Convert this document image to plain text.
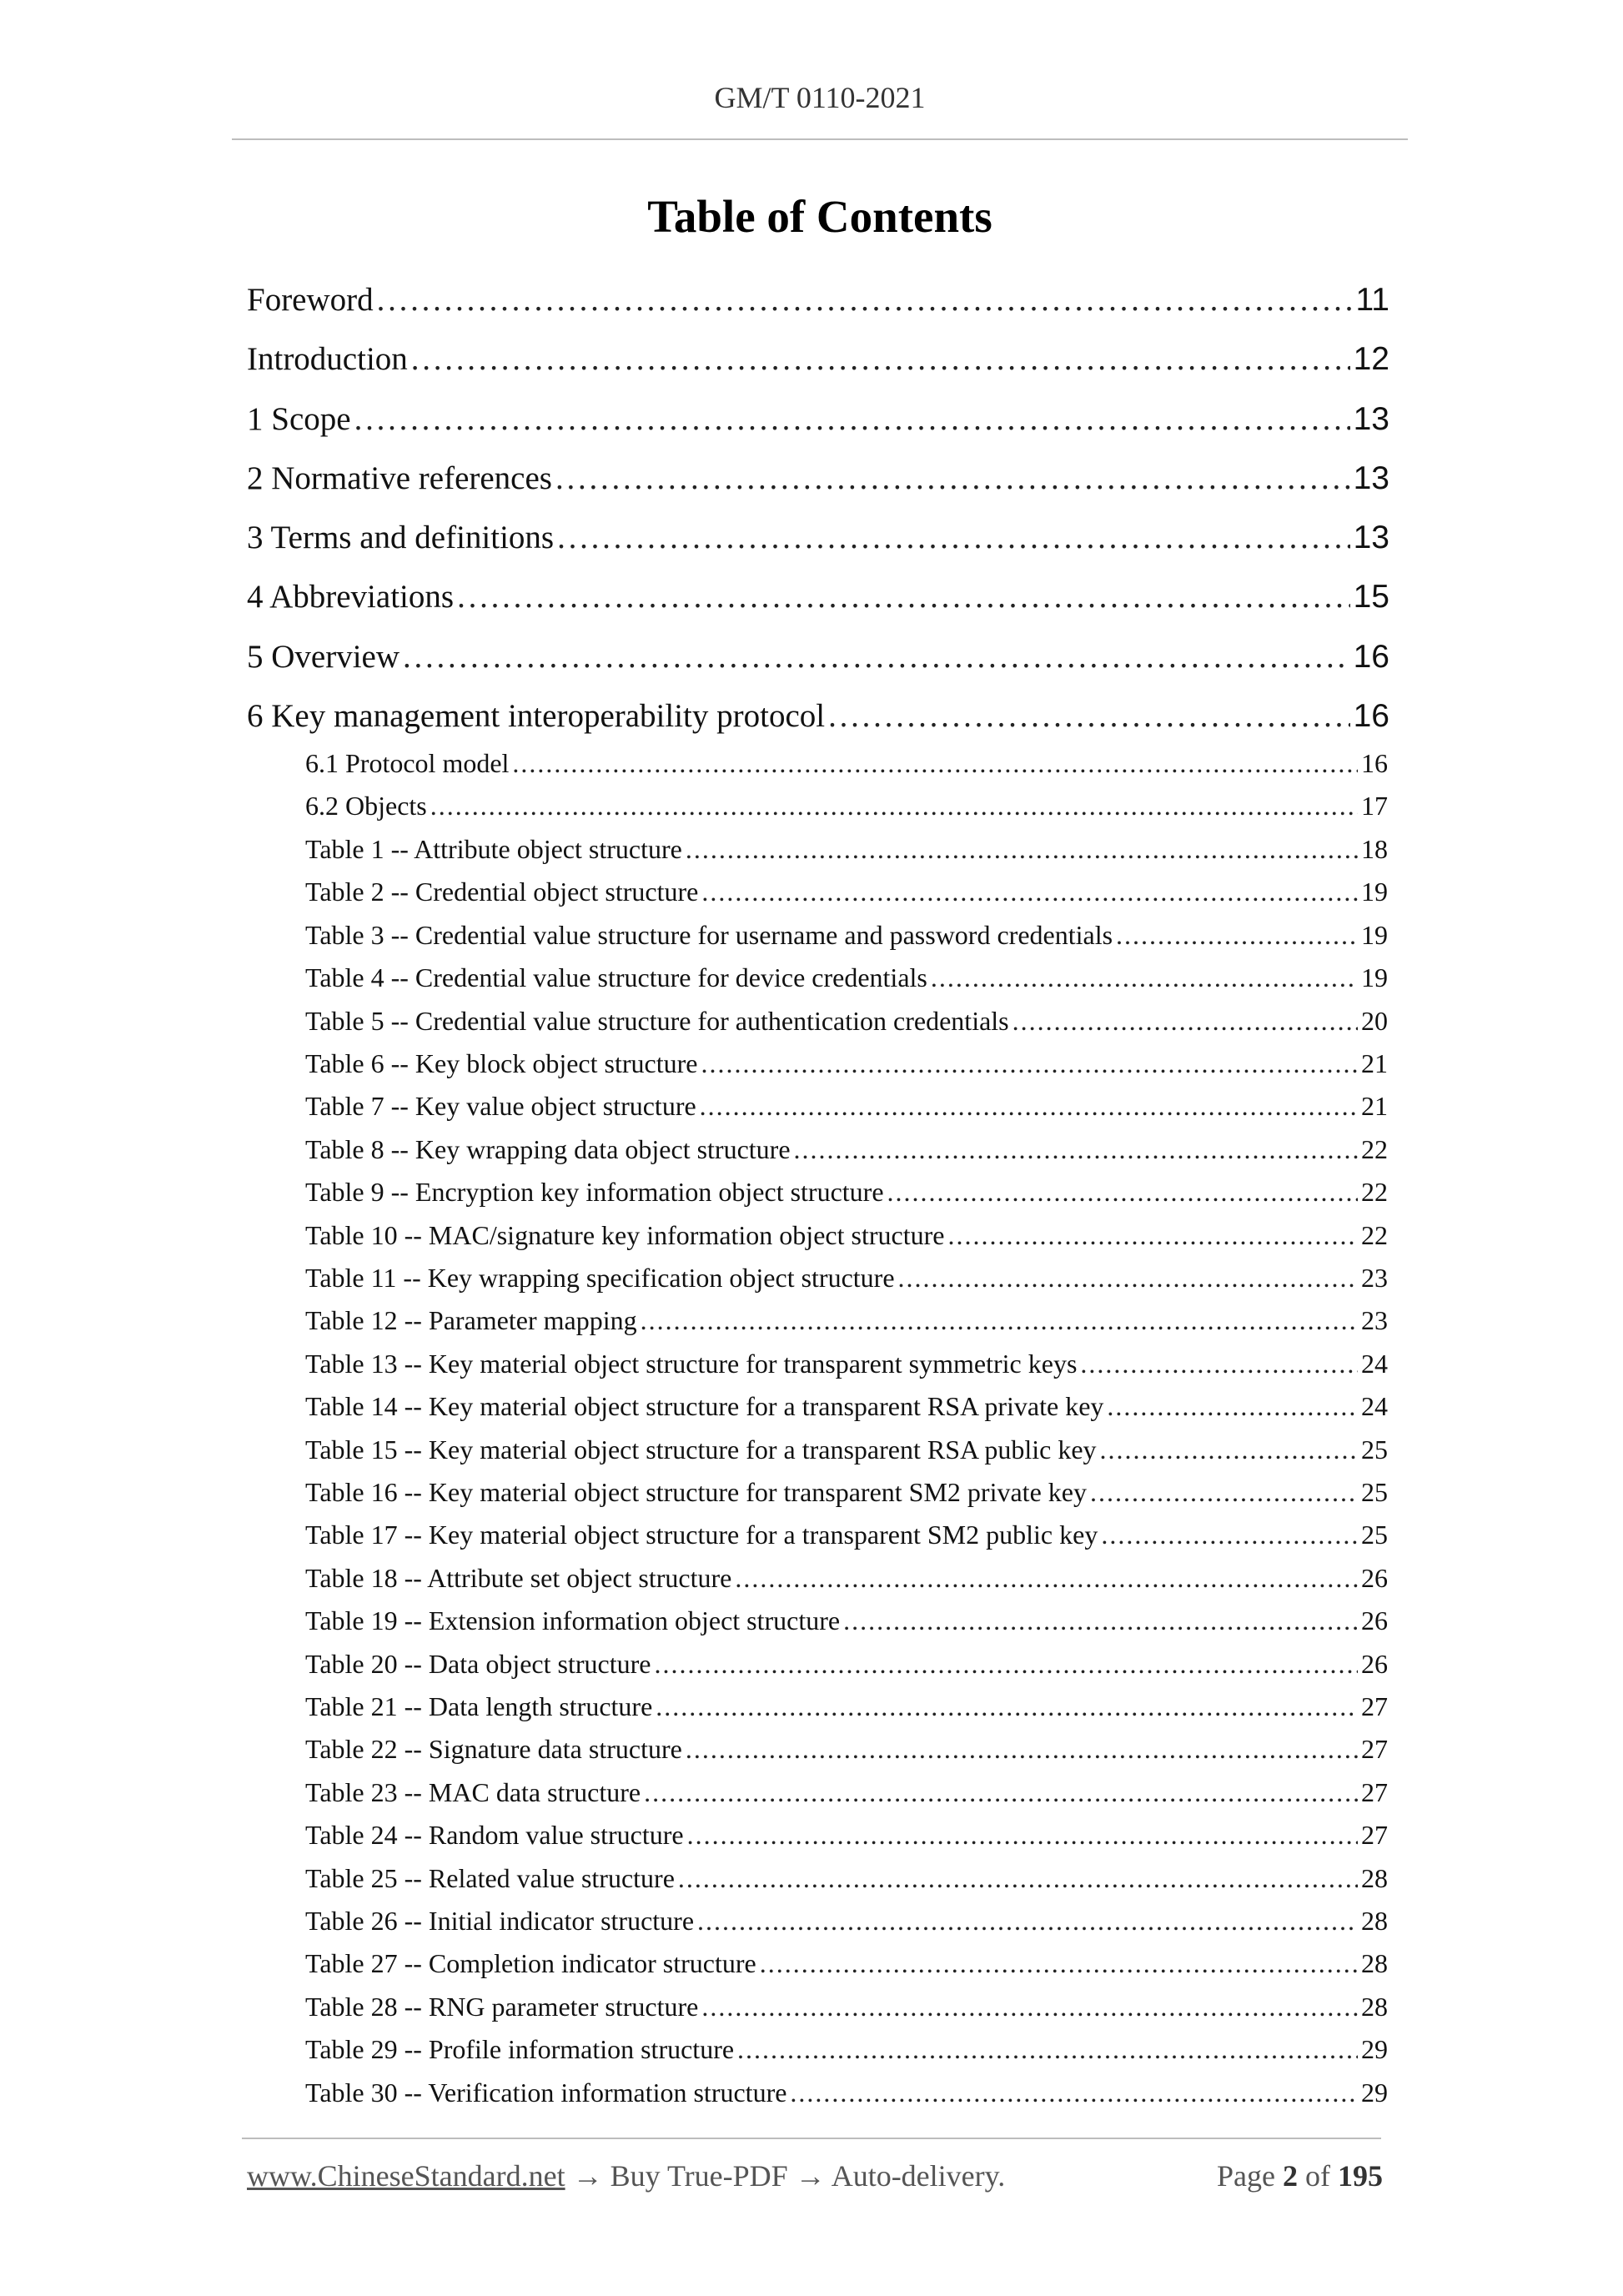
GM/T 0110-2021
Table of Contents
Foreword . . .	11
Introduction . . .	12
1 Scope . . .	13
2 Normative references . . .	13
3 Terms and definitions . . .	13
4 Abbreviations . . .	15
5 Overview . . .	16
6 Key management interoperability protocol . . .	16
6.1 Protocol model . . .	16
6.2 Objects . . .	17
Table 1 -- Attribute object structure . . .	18
Table 2 -- Credential object structure . . .	19
Table 3 -- Credential value structure for username and password credentials . . .	19
Table 4 -- Credential value structure for device credentials . . .	19
Table 5 -- Credential value structure for authentication credentials . . .	20
Table 6 -- Key block object structure . . .	21
Table 7 -- Key value object structure . . .	21
Table 8 -- Key wrapping data object structure . . .	22
Table 9 -- Encryption key information object structure . . .	22
Table 10 -- MAC/signature key information object structure . . .	22
Table 11 -- Key wrapping specification object structure . . .	23
Table 12 -- Parameter mapping . . .	23
Table 13 -- Key material object structure for transparent symmetric keys . . .	24
Table 14 -- Key material object structure for a transparent RSA private key . . .	24
Table 15 -- Key material object structure for a transparent RSA public key . . .	25
Table 16 -- Key material object structure for transparent SM2 private key . . .	25
Table 17 -- Key material object structure for a transparent SM2 public key . . .	25
Table 18 -- Attribute set object structure . . .	26
Table 19 -- Extension information object structure . . .	26
Table 20 -- Data object structure . . .	26
Table 21 -- Data length structure . . .	27
Table 22 -- Signature data structure . . .	27
Table 23 -- MAC data structure . . .	27
Table 24 -- Random value structure . . .	27
Table 25 -- Related value structure . . .	28
Table 26 -- Initial indicator structure . . .	28
Table 27 -- Completion indicator structure . . .	28
Table 28 -- RNG parameter structure . . .	28
Table 29 -- Profile information structure . . .	29
Table 30 -- Verification information structure . . .	29
www.ChineseStandard.net → Buy True-PDF → Auto-delivery.	Page 2 of 195
